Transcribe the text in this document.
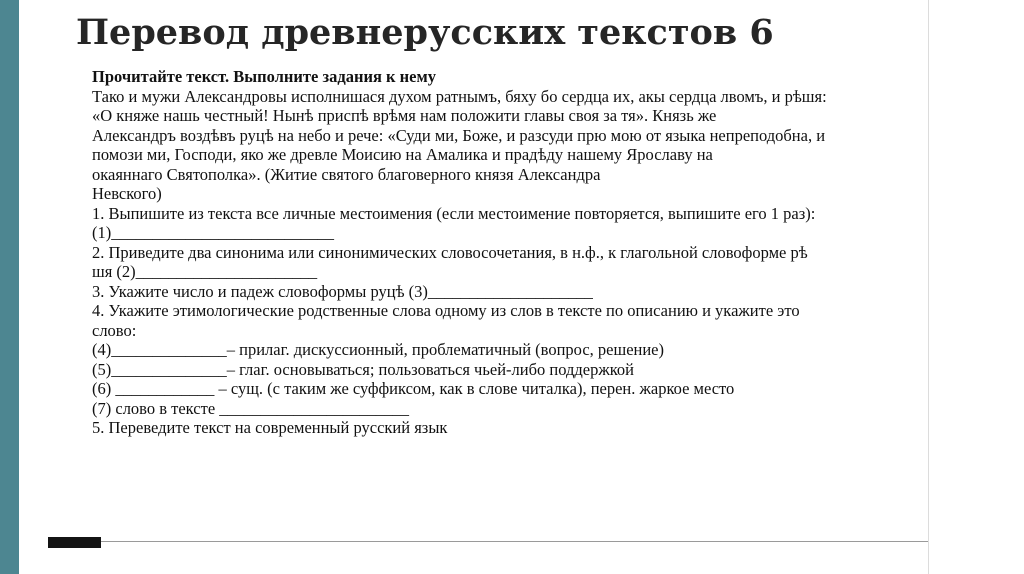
Перевод древнерусских текстов 6
Прочитайте текст. Выполните задания к нему
Тако и мужи Александровы исполнишася духом ратнымъ, бяху бо сердца их, акы сердца лвомъ, и рѣшя:
«О княже нашь честный! Нынѣ приспѣ врѣмя нам положити главы своя за тя». Князь же
Александръ воздѣвъ руцѣ на небо и рече: «Суди ми, Боже, и разсуди прю мою от языка непреподобна, и
помози ми, Господи, яко же древле Моисию на Амалика и прадѣду нашему Ярославу на
окаяннаго Святополка». (Житие святого благоверного князя Александра
Невского)
1. Выпишите из текста все личные местоимения (если местоимение повторяется, выпишите его 1 раз):
(1)___________________________
2. Приведите два синонима или синонимических словосочетания, в н.ф., к глагольной словоформе рѣ
шя (2)______________________
3. Укажите число и падеж словоформы руцѣ (3)____________________
4. Укажите этимологические родственные слова одному из слов в тексте по описанию и укажите это
слово:
(4)______________– прилаг. дискуссионный, проблематичный (вопрос, решение)
(5)______________– глаг. основываться; пользоваться чьей-либо поддержкой
(6) ____________ – сущ. (с таким же суффиксом, как в слове читалка), перен. жаркое место
(7) слово в тексте _______________________
5. Переведите текст на современный русский язык
